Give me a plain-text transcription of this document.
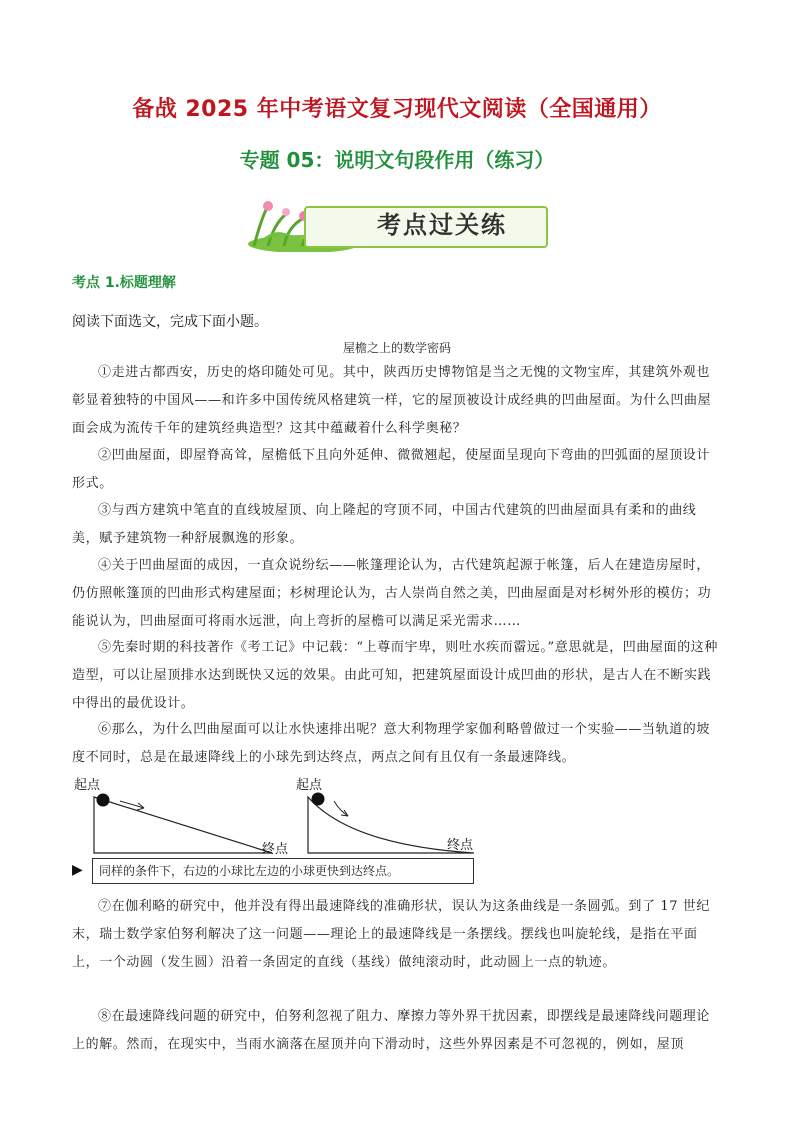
备战 2025 年中考语文复习现代文阅读（全国通用）
专题 05：说明文句段作用（练习）
考点过关练
考点 1.标题理解
阅读下面选文，完成下面小题。
屋檐之上的数学密码
①走进古都西安，历史的烙印随处可见。其中，陕西历史博物馆是当之无愧的文物宝库，其建筑外观也彰显着独特的中国风——和许多中国传统风格建筑一样，它的屋顶被设计成经典的凹曲屋面。为什么凹曲屋面会成为流传千年的建筑经典造型？这其中蕴藏着什么科学奥秘？
②凹曲屋面，即屋脊高耸，屋檐低下且向外延伸、微微翘起，使屋面呈现向下弯曲的凹弧面的屋顶设计形式。
③与西方建筑中笔直的直线坡屋顶、向上隆起的穹顶不同，中国古代建筑的凹曲屋面具有柔和的曲线美，赋予建筑物一种舒展飘逸的形象。
④关于凹曲屋面的成因，一直众说纷纭——帐篷理论认为，古代建筑起源于帐篷，后人在建造房屋时，仍仿照帐篷顶的凹曲形式构建屋面；杉树理论认为，古人崇尚自然之美，凹曲屋面是对杉树外形的模仿；功能说认为，凹曲屋面可将雨水远泄，向上弯折的屋檐可以满足采光需求……
⑤先秦时期的科技著作《考工记》中记载：“上尊而宇卑，则吐水疾而霤远。”意思就是，凹曲屋面的这种造型，可以让屋顶排水达到既快又远的效果。由此可知，把建筑屋面设计成凹曲的形状，是古人在不断实践中得出的最优设计。
⑥那么，为什么凹曲屋面可以让水快速排出呢？意大利物理学家伽利略曾做过一个实验——当轨道的坡度不同时，总是在最速降线上的小球先到达终点，两点之间有且仅有一条最速降线。
起点
终点
起点
终点
▶	同样的条件下，右边的小球比左边的小球更快到达终点。
⑦在伽利略的研究中，他并没有得出最速降线的准确形状，误认为这条曲线是一条圆弧。到了 17 世纪末，瑞士数学家伯努利解决了这一问题——理论上的最速降线是一条摆线。摆线也叫旋轮线，是指在平面上，一个动圆（发生圆）沿着一条固定的直线（基线）做纯滚动时，此动圆上一点的轨迹。
⑧在最速降线问题的研究中，伯努利忽视了阻力、摩擦力等外界干扰因素，即摆线是最速降线问题理论上的解。然而，在现实中，当雨水滴落在屋顶并向下滑动时，这些外界因素是不可忽视的，例如，屋顶
